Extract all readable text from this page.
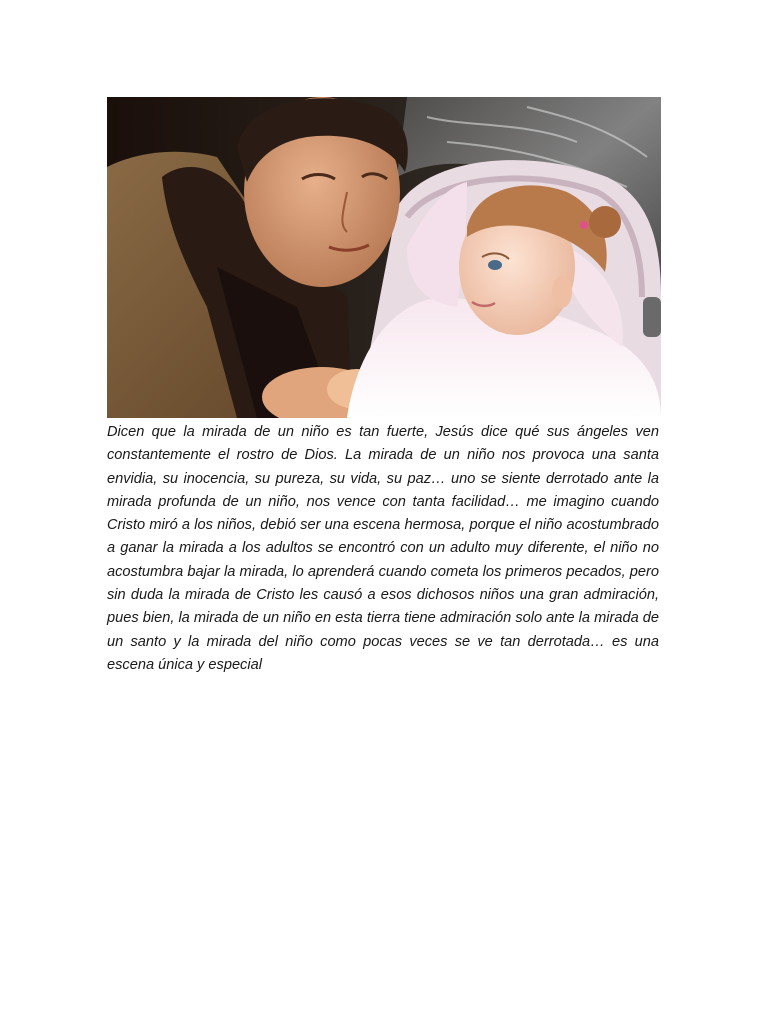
Dicen que la mirada de un niño es tan fuerte, Jesús dice qué sus ángeles ven constantemente el rostro de Dios. La mirada de un niño nos provoca una santa envidia, su inocencia, su pureza, su vida, su paz… uno se siente derrotado ante la mirada profunda de un niño, nos vence con tanta facilidad… me imagino cuando Cristo miró a los niños, debió ser una escena hermosa, porque el niño acostumbrado a ganar la mirada a los adultos se encontró con un adulto muy diferente, el niño no acostumbra bajar la mirada, lo aprenderá cuando cometa los primeros pecados, pero sin duda la mirada de Cristo les causó a esos dichosos niños una gran admiración, pues bien, la mirada de un niño en esta tierra tiene admiración solo ante la mirada de un santo y la mirada del niño como pocas veces se ve tan derrotada… es una escena única y especial
